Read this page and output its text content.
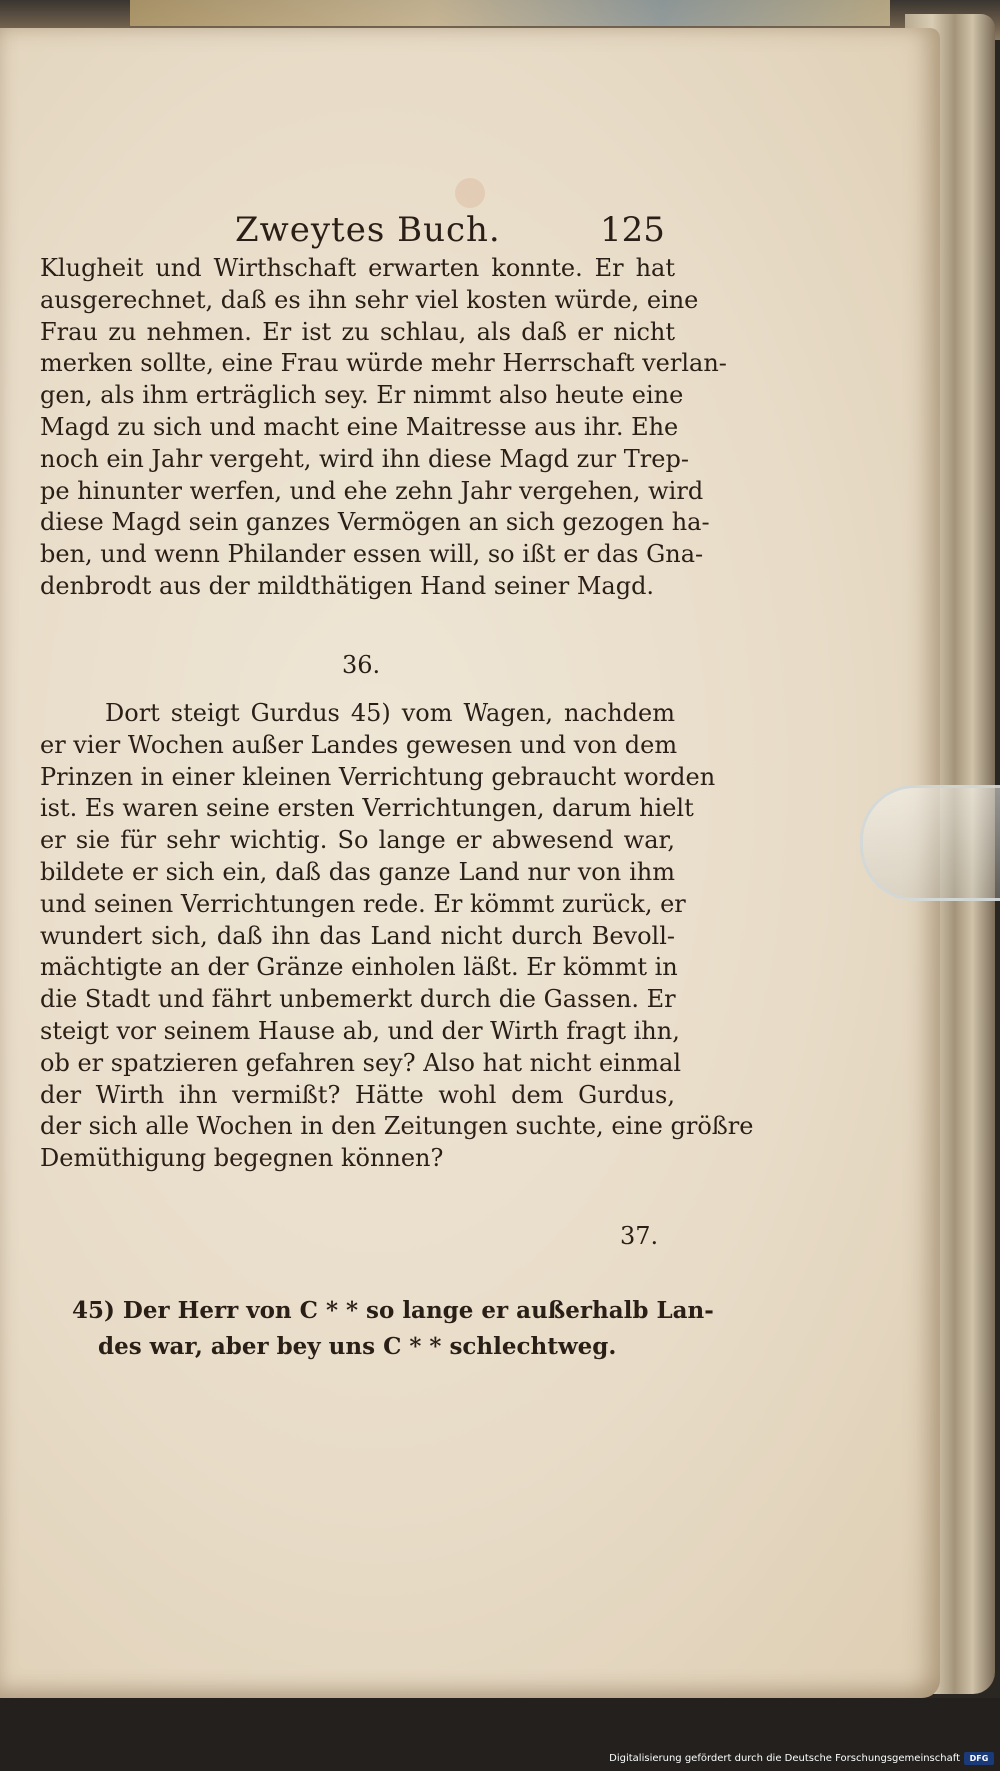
Zweytes Buch.	125
Klugheit und Wirthschaft erwarten konnte. Er hat
ausgerechnet, daß es ihn sehr viel kosten würde, eine
Frau zu nehmen. Er ist zu schlau, als daß er nicht
merken sollte, eine Frau würde mehr Herrschaft verlan-
gen, als ihm erträglich sey. Er nimmt also heute eine
Magd zu sich und macht eine Maitresse aus ihr. Ehe
noch ein Jahr vergeht, wird ihn diese Magd zur Trep-
pe hinunter werfen, und ehe zehn Jahr vergehen, wird
diese Magd sein ganzes Vermögen an sich gezogen ha-
ben, und wenn Philander essen will, so ißt er das Gna-
denbrodt aus der mildthätigen Hand seiner Magd.
36.
Dort steigt Gurdus 45) vom Wagen, nachdem
er vier Wochen außer Landes gewesen und von dem
Prinzen in einer kleinen Verrichtung gebraucht worden
ist. Es waren seine ersten Verrichtungen, darum hielt
er sie für sehr wichtig. So lange er abwesend war,
bildete er sich ein, daß das ganze Land nur von ihm
und seinen Verrichtungen rede. Er kömmt zurück, er
wundert sich, daß ihn das Land nicht durch Bevoll-
mächtigte an der Gränze einholen läßt. Er kömmt in
die Stadt und fährt unbemerkt durch die Gassen. Er
steigt vor seinem Hause ab, und der Wirth fragt ihn,
ob er spatzieren gefahren sey? Also hat nicht einmal
der Wirth ihn vermißt? Hätte wohl dem Gurdus,
der sich alle Wochen in den Zeitungen suchte, eine größre
Demüthigung begegnen können?
37.
45) Der Herr von C * * so lange er außerhalb Lan-
des war, aber bey uns C * * schlechtweg.
Digitalisierung gefördert durch die Deutsche Forschungsgemeinschaft	DFG
